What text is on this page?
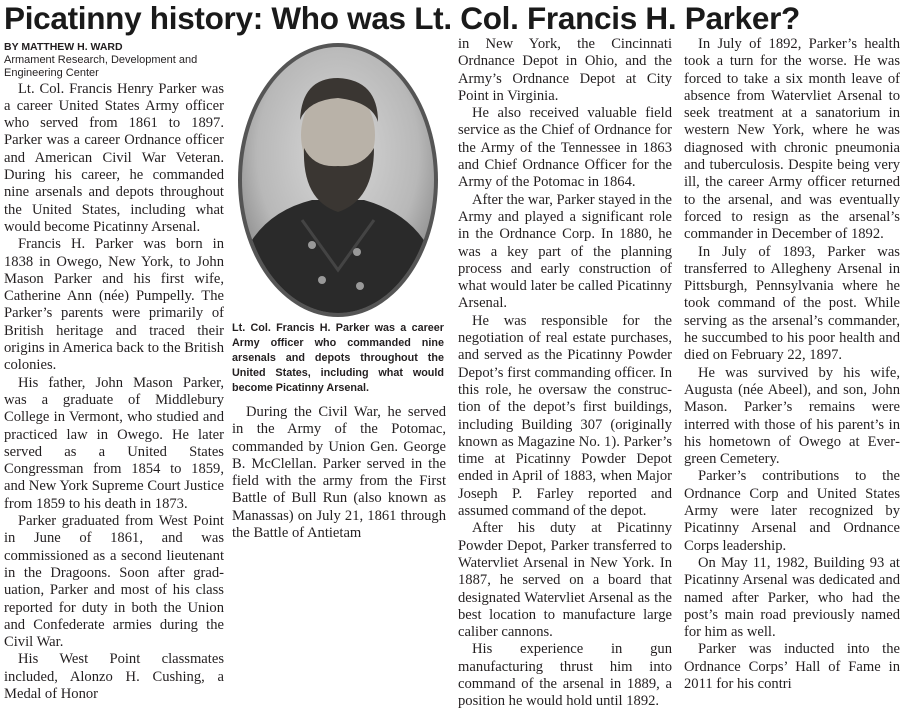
Picatinny history: Who was Lt. Col. Francis H. Parker?

BY MATTHEW H. WARD

Armament Research, Development and Engineering Center

Lt. Col. Francis Henry Parker was a career United States Army officer who served from 1861 to 1897. Parker was a career Ordnance officer and American Civil War Veteran. During his career, he commanded nine arsenals and depots throughout the United States, including what would become Picatinny Arsenal.

Francis H. Parker was born in 1838 in Owego, New York, to John Mason Parker and his first wife, Catherine Ann (née) Pumpelly. The Parker’s parents were primarily of British heritage and traced their origins in America back to the British colonies.

His father, John Mason Parker, was a graduate of Middlebury College in Vermont, who studied and practiced law in Owego. He later served as a United States Congressman from 1854 to 1859, and New York Supreme Court Justice from 1859 to his death in 1873.

Parker graduated from West Point in June of 1861, and was commissioned as a second lieutenant in the Dragoons. Soon after graduation, Parker and most of his class reported for duty in both the Union and Confederate armies during the Civil War.

His West Point classmates included, Alonzo H. Cushing, a Medal of Honor

Lt. Col. Francis H. Parker was a career Army officer who commanded nine arsenals and depots throughout the United States, including what would become Picatinny Arsenal.

During the Civil War, he served in the Army of the Potomac, commanded by Union Gen. George B. McClellan. Parker served in the field with the army from the First Battle of Bull Run (also known as Manassas) on July 21, 1861 through the Battle of Antietam

in New York, the Cincinnati Ordnance Depot in Ohio, and the Army’s Ordnance Depot at City Point in Virginia.

He also received valuable field service as the Chief of Ordnance for the Army of the Tennessee in 1863 and Chief Ordnance Officer for the Army of the Potomac in 1864.

After the war, Parker stayed in the Army and played a significant role in the Ordnance Corp. In 1880, he was a key part of the planning process and early construction of what would later be called Picatinny Arsenal.

He was responsible for the negotiation of real estate purchases, and served as the Picatinny Powder Depot’s first commanding officer. In this role, he oversaw the construction of the depot’s first buildings, including Building 307 (originally known as Magazine No. 1). Parker’s time at Picatinny Powder Depot ended in April of 1883, when Major Joseph P. Farley reported and assumed command of the depot.

After his duty at Picatinny Powder Depot, Parker transferred to Watervliet Arsenal in New York. In 1887, he served on a board that designated Watervliet Arsenal as the best location to manufacture large caliber cannons.

His experience in gun manufacturing thrust him into command of the arsenal in 1889, a position he would hold until 1892.

In July of 1892, Parker’s health took a turn for the worse. He was forced to take a six month leave of absence from Watervliet Arsenal to seek treatment at a sanatorium in western New York, where he was diagnosed with chronic pneumonia and tuberculosis. Despite being very ill, the career Army officer returned to the arsenal, and was eventually forced to resign as the arsenal’s commander in December of 1892.

In July of 1893, Parker was transferred to Allegheny Arsenal in Pittsburgh, Pennsylvania where he took command of the post. While serving as the arsenal’s commander, he succumbed to his poor health and died on February 22, 1897.

He was survived by his wife, Augusta (née Abeel), and son, John Mason. Parker’s remains were interred with those of his parent’s in his hometown of Owego at Evergreen Cemetery.

Parker’s contributions to the Ordnance Corp and United States Army were later recognized by Picatinny Arsenal and Ordnance Corps leadership.

On May 11, 1982, Building 93 at Picatinny Arsenal was dedicated and named after Parker, who had the post’s main road previously named for him as well.

Parker was inducted into the Ordnance Corps’ Hall of Fame in 2011 for his contri
